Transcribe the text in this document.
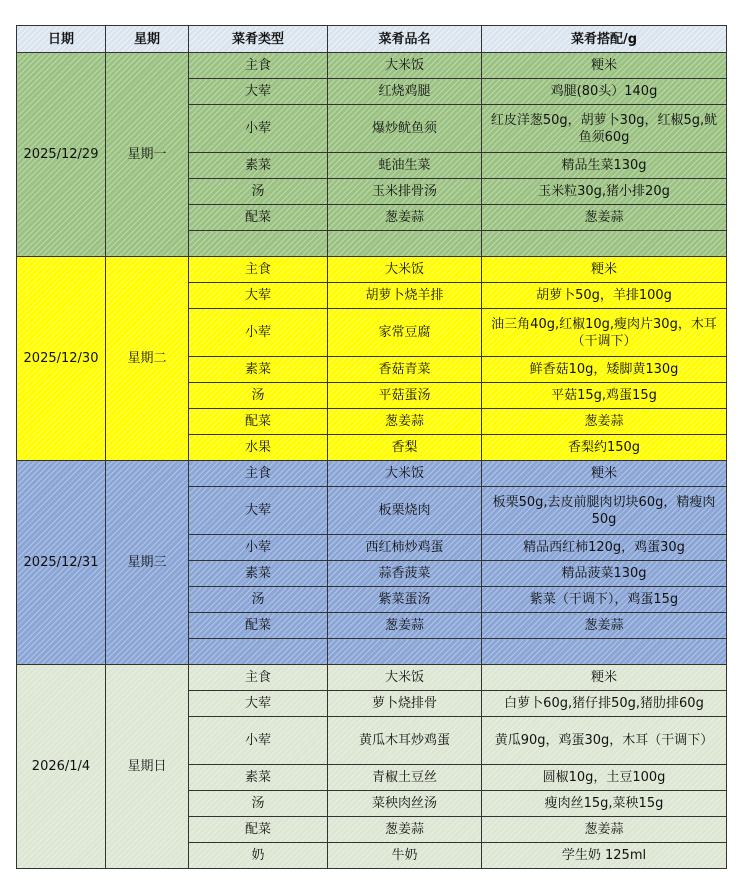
日期	星期	菜肴类型	菜肴品名	菜肴搭配/g
2025/12/29	星期一	主食	大米饭	粳米
		大荤	红烧鸡腿	鸡腿(80头）140g
		小荤	爆炒鱿鱼须	红皮洋葱50g，胡萝卜30g，红椒5g,鱿鱼须60g
		素菜	蚝油生菜	精品生菜130g
		汤	玉米排骨汤	玉米粒30g,猪小排20g
		配菜	葱姜蒜	葱姜蒜

2025/12/30	星期二	主食	大米饭	粳米
		大荤	胡萝卜烧羊排	胡萝卜50g，羊排100g
		小荤	家常豆腐	油三角40g,红椒10g,瘦肉片30g，木耳（干调下）
		素菜	香菇青菜	鲜香菇10g，矮脚黄130g
		汤	平菇蛋汤	平菇15g,鸡蛋15g
		配菜	葱姜蒜	葱姜蒜
		水果	香梨	香梨约150g
2025/12/31	星期三	主食	大米饭	粳米
		大荤	板栗烧肉	板栗50g,去皮前腿肉切块60g，精瘦肉50g
		小荤	西红柿炒鸡蛋	精品西红柿120g，鸡蛋30g
		素菜	蒜香菠菜	精品菠菜130g
		汤	紫菜蛋汤	紫菜（干调下），鸡蛋15g
		配菜	葱姜蒜	葱姜蒜

2026/1/4	星期日	主食	大米饭	粳米
		大荤	萝卜烧排骨	白萝卜60g,猪仔排50g,猪肋排60g
		小荤	黄瓜木耳炒鸡蛋	黄瓜90g，鸡蛋30g，木耳（干调下）
		素菜	青椒土豆丝	圆椒10g，土豆100g
		汤	菜秧肉丝汤	瘦肉丝15g,菜秧15g
		配菜	葱姜蒜	葱姜蒜
		奶	牛奶	学生奶 125ml
